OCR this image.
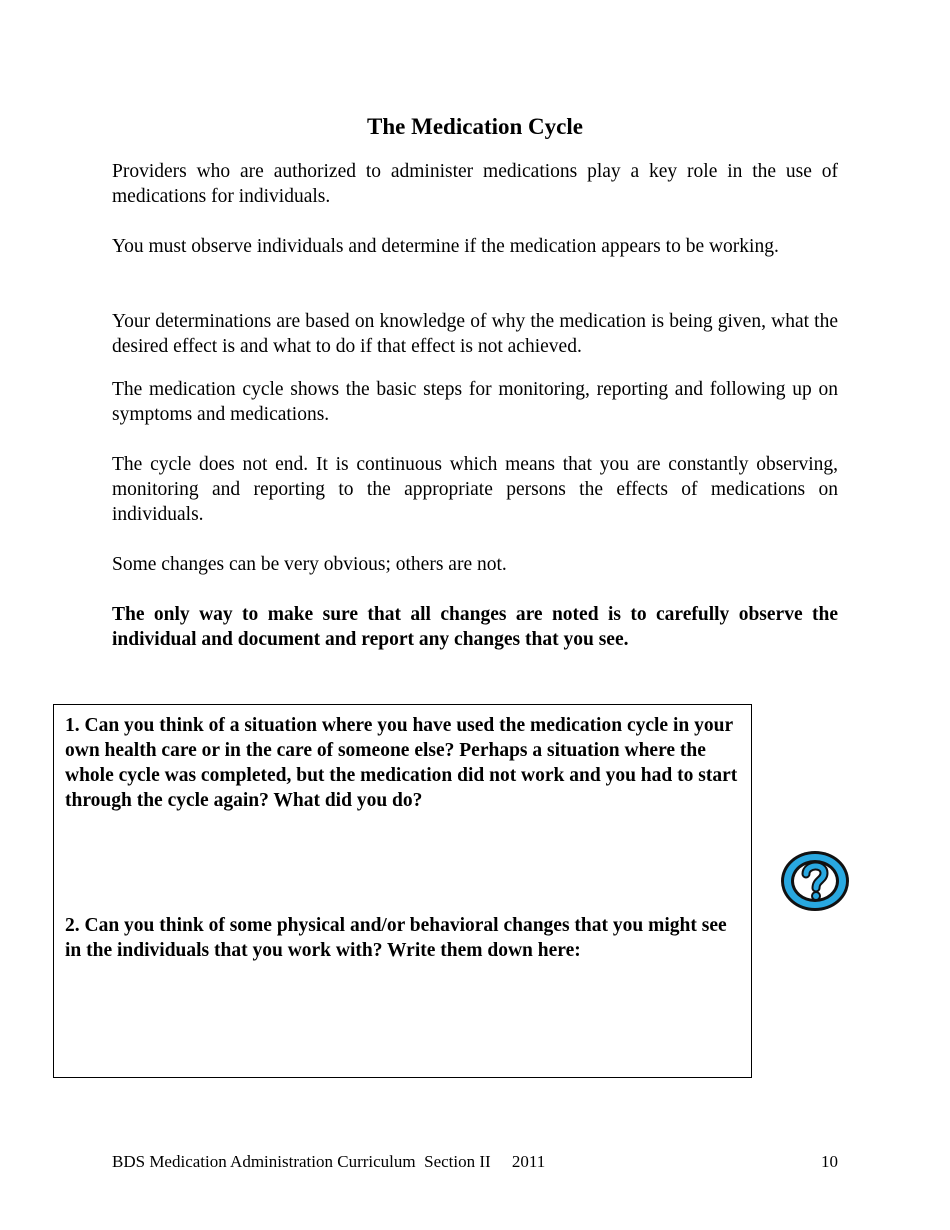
The Medication Cycle

Providers who are authorized to administer medications play a key role in the use of medications for individuals.

You must observe individuals and determine if the medication appears to be working.

Your determinations are based on knowledge of why the medication is being given, what the desired effect is and what to do if that effect is not achieved.

The medication cycle shows the basic steps for monitoring, reporting and following up on symptoms and medications.

The cycle does not end. It is continuous which means that you are constantly observing, monitoring and reporting to the appropriate persons the effects of medications on individuals.

Some changes can be very obvious; others are not.

The only way to make sure that all changes are noted is to carefully observe the individual and document and report any changes that you see.

1. Can you think of a situation where you have used the medication cycle in your own health care or in the care of someone else? Perhaps a situation where the whole cycle was completed, but the medication did not work and you had to start through the cycle again? What did you do?

2. Can you think of some physical and/or behavioral changes that you might see in the individuals that you work with? Write them down here:

BDS Medication Administration Curriculum  Section II     2011	10
